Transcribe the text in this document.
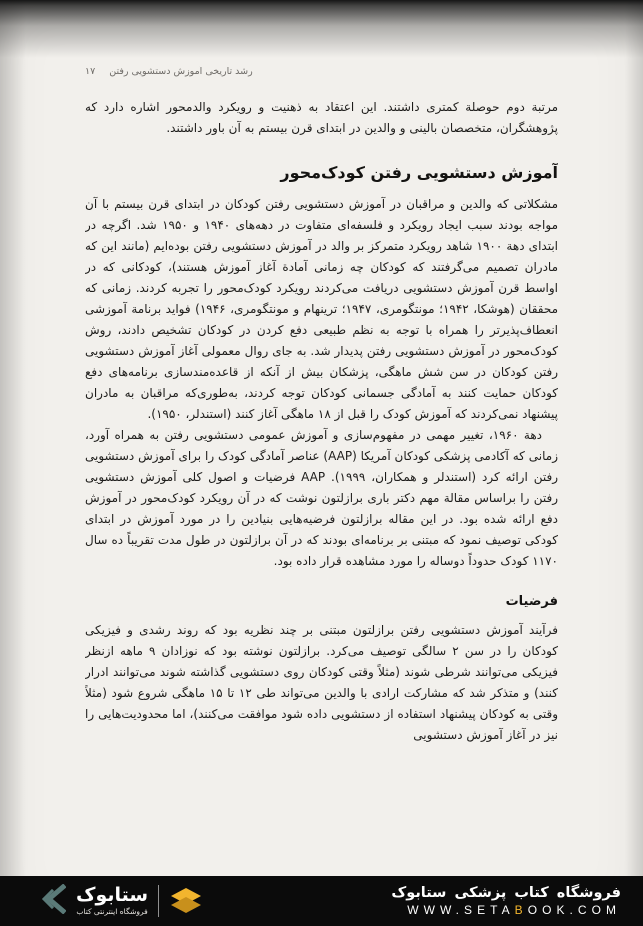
رشد تاریخی آموزش دستشویی رفتن
۱۷

مرتبة دوم حوصلة کمتری داشتند. این اعتقاد به ذهنیت و رویکرد والدمحور اشاره دارد که پژوهشگران، متخصصان بالینی و والدین در ابتدای قرن بیستم به آن باور داشتند.

آموزش دستشویی رفتن کودک‌محور

مشکلاتی که والدین و مراقبان در آموزش دستشویی رفتن کودکان در ابتدای قرن بیستم با آن مواجه بودند سبب ایجاد رویکرد و فلسفه‌ای متفاوت در دهه‌های ۱۹۴۰ و ۱۹۵۰ شد. اگرچه در ابتدای دهة ۱۹۰۰ شاهد رویکرد متمرکز بر والد در آموزش دستشویی رفتن بوده‌ایم (مانند این که مادران تصمیم می‌گرفتند که کودکان چه زمانی آمادة آغاز آموزش هستند)، کودکانی که در اواسط قرن آموزش دستشویی دریافت می‌کردند رویکرد کودک‌محور را تجربه کردند. زمانی که محققان (هوشکا، ۱۹۴۲؛ مونتگومری، ۱۹۴۷؛ ترینهام و مونتگومری، ۱۹۴۶) فواید برنامة آموزشی انعطاف‌پذیرتر را همراه با توجه به نظم طبیعی دفع کردن در کودکان تشخیص دادند، روش کودک‌محور در آموزش دستشویی رفتن پدیدار شد. به جای روال معمولی آغاز آموزش دستشویی رفتن کودکان در سن شش ماهگی، پزشکان بیش از آنکه از قاعده‌مندسازی برنامه‌های دفع کودکان حمایت کنند به آمادگی جسمانی کودکان توجه کردند، به‌طوری‌که مراقبان به مادران پیشنهاد نمی‌کردند که آموزش کودک را قبل از ۱۸ ماهگی آغاز کنند (استندلر، ۱۹۵۰).

دهة ۱۹۶۰، تغییر مهمی در مفهوم‌سازی و آموزش عمومی دستشویی رفتن به همراه آورد، زمانی که آکادمی پزشکی کودکان آمریکا (AAP) عناصر آمادگی کودک را برای آموزش دستشویی رفتن ارائه کرد (استندلر و همکاران، ۱۹۹۹). AAP فرضیات و اصول کلی آموزش دستشویی رفتن را براساس مقالة مهم دکتر باری برازلتون نوشت که در آن رویکرد کودک‌محور در آموزش دفع ارائه شده بود. در این مقاله برازلتون فرضیه‌هایی بنیادین را در مورد آموزش در ابتدای کودکی توصیف نمود که مبتنی بر برنامه‌ای بودند که در آن برازلتون در طول مدت تقریباً ده سال ۱۱۷۰ کودک حدوداً دوساله را مورد مشاهده قرار داده بود.

فرضیات

فرآیند آموزش دستشویی رفتن برازلتون مبتنی بر چند نظریه بود که روند رشدی و فیزیکی کودکان را در سن ۲ سالگی توصیف می‌کرد. برازلتون نوشته بود که نوزادان ۹ ماهه ازنظر فیزیکی می‌توانند شرطی شوند (مثلاً وقتی کودکان روی دستشویی گذاشته شوند می‌توانند ادرار کنند) و متذکر شد که مشارکت ارادی با والدین می‌تواند طی ۱۲ تا ۱۵ ماهگی شروع شود (مثلاً وقتی به کودکان پیشنهاد استفاده از دستشویی داده شود موافقت می‌کنند)، اما محدودیت‌هایی را نیز در آغاز آموزش دستشویی

ستابوک
فروشگاه اینترنتی کتاب
فروشگاه کتاب پزشکی ستابوک
WWW.SETABOOK.COM
